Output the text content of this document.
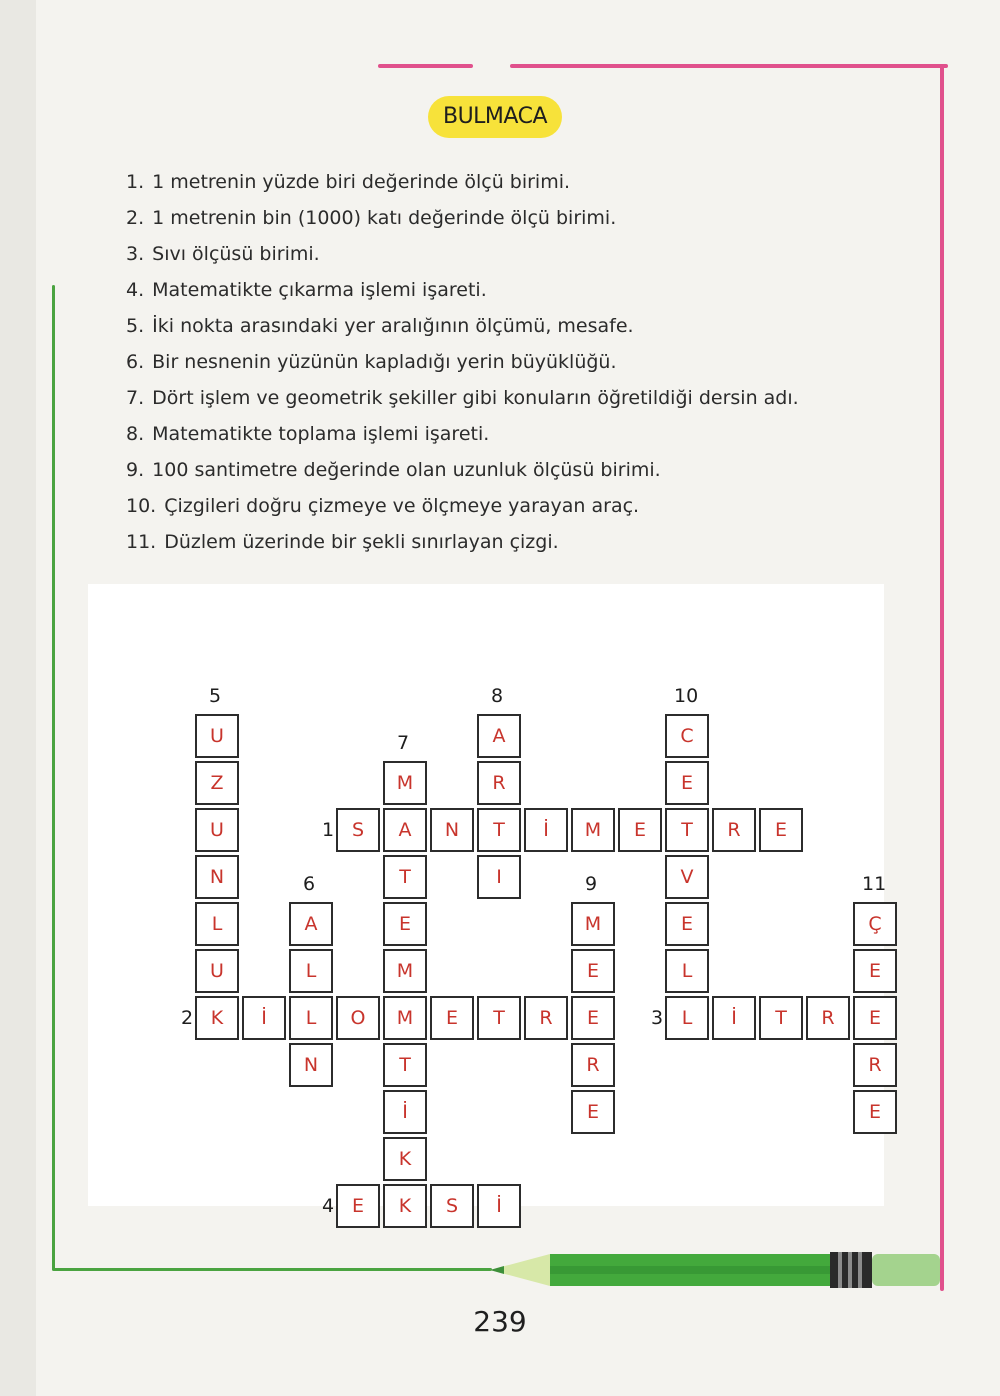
BULMACA
1. 1 metrenin yüzde biri değerinde ölçü birimi.
2. 1 metrenin bin (1000) katı değerinde ölçü birimi.
3. Sıvı ölçüsü birimi.
4. Matematikte çıkarma işlemi işareti.
5. İki nokta arasındaki yer aralığının ölçümü, mesafe.
6. Bir nesnenin yüzünün kapladığı yerin büyüklüğü.
7. Dört işlem ve geometrik şekiller gibi konuların öğretildiği dersin adı.
8. Matematikte toplama işlemi işareti.
9. 100 santimetre değerinde olan uzunluk ölçüsü birimi.
10. Çizgileri doğru çizmeye ve ölçmeye yarayan araç.
11. Düzlem üzerinde bir şekli sınırlayan çizgi.
S	A	N	T	İ	M	E	T	R	E
1
K	İ	L	O	M	E	T	R	E
2	L	İ	T	R	E
3
E	K	S	İ
4
U
Z
U
N
L
U
5
A
L
N
6
M
T
E
M
T
İ
K
7	A
R
I
8
M
E
R
E
9
C
E
V
E
L
10
Ç
E
R
E
11
239
